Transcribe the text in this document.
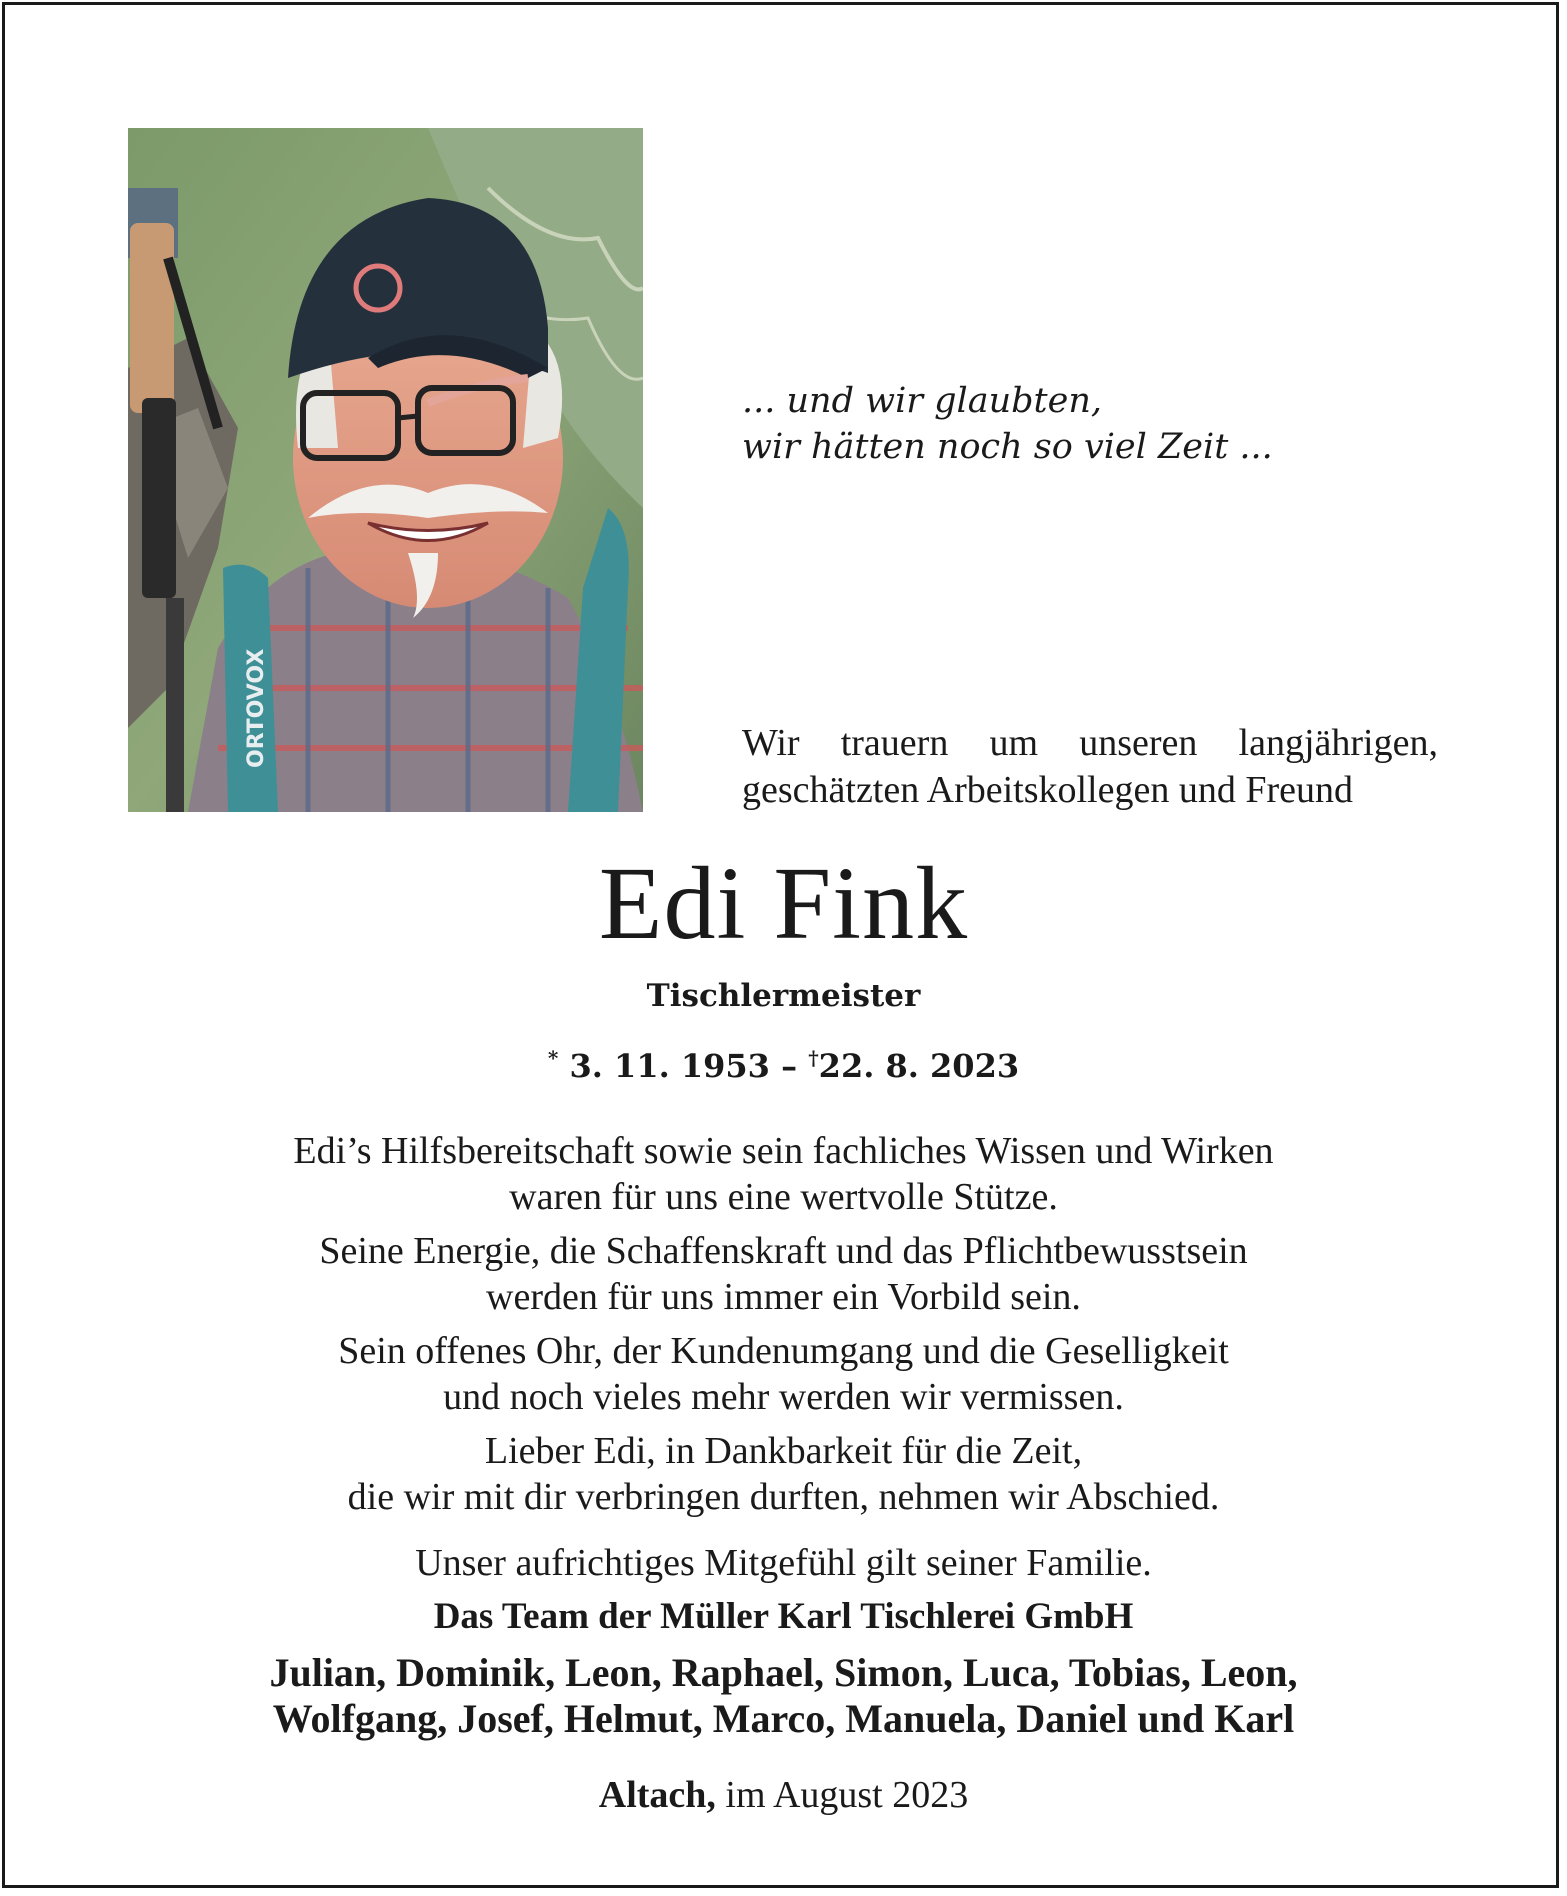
ORTOVOX
... und wir glaubten,
wir hätten noch so viel Zeit ...
Wir trauern um unseren langjährigen,
geschätzten Arbeitskollegen und Freund
Edi Fink
Tischlermeister
* 3. 11. 1953 – †22. 8. 2023

Edi’s Hilfsbereitschaft sowie sein fachliches Wissen und Wirken
waren für uns eine wertvolle Stütze.

Seine Energie, die Schaffenskraft und das Pflichtbewusstsein
werden für uns immer ein Vorbild sein.

Sein offenes Ohr, der Kundenumgang und die Geselligkeit
und noch vieles mehr werden wir vermissen.

Lieber Edi, in Dankbarkeit für die Zeit,
die wir mit dir verbringen durften, nehmen wir Abschied.

Unser aufrichtiges Mitgefühl gilt seiner Familie.
Das Team der Müller Karl Tischlerei GmbH
Julian, Dominik, Leon, Raphael, Simon, Luca, Tobias, Leon,
Wolfgang, Josef, Helmut, Marco, Manuela, Daniel und Karl
Altach, im August 2023
